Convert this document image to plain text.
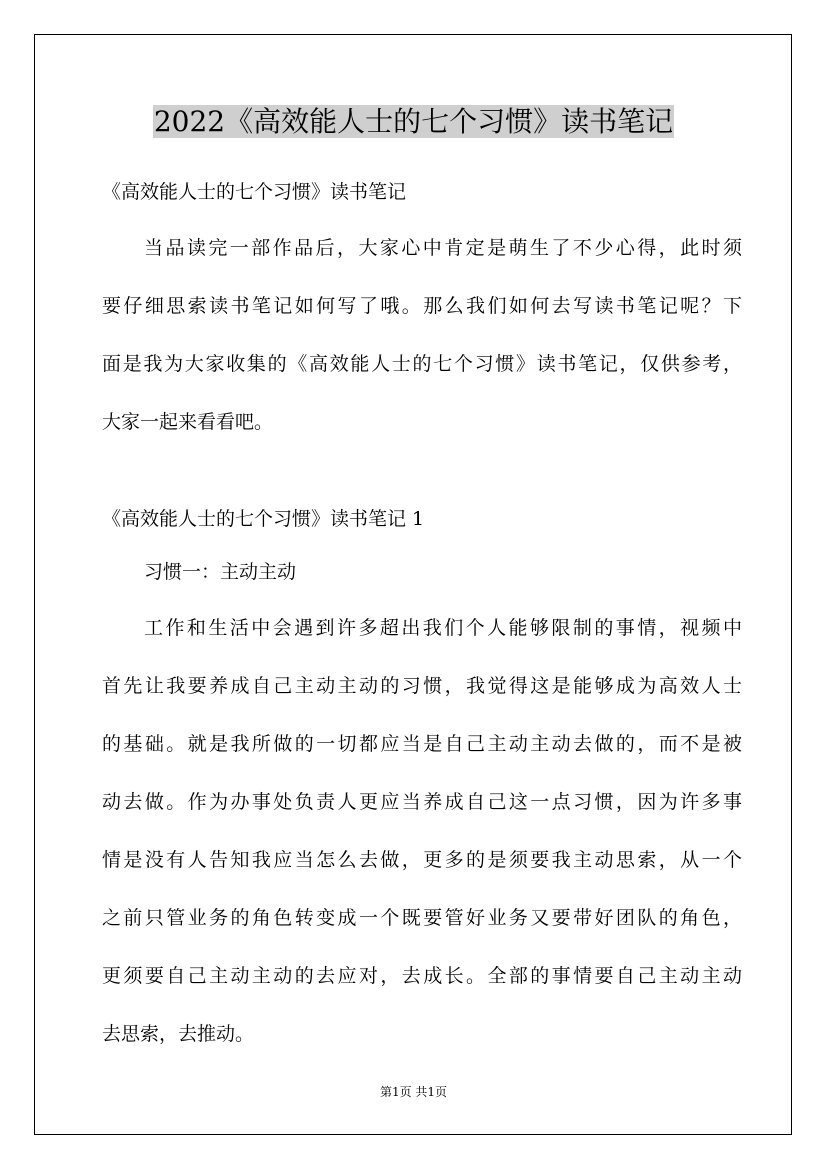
2022《高效能人士的七个习惯》读书笔记
《高效能人士的七个习惯》读书笔记
当品读完一部作品后，大家心中肯定是萌生了不少心得，此时须
要仔细思索读书笔记如何写了哦。那么我们如何去写读书笔记呢？下
面是我为大家收集的《高效能人士的七个习惯》读书笔记，仅供参考，
大家一起来看看吧。
《高效能人士的七个习惯》读书笔记 1
习惯一：主动主动
工作和生活中会遇到许多超出我们个人能够限制的事情，视频中
首先让我要养成自己主动主动的习惯，我觉得这是能够成为高效人士
的基础。就是我所做的一切都应当是自己主动主动去做的，而不是被
动去做。作为办事处负责人更应当养成自己这一点习惯，因为许多事
情是没有人告知我应当怎么去做，更多的是须要我主动思索，从一个
之前只管业务的角色转变成一个既要管好业务又要带好团队的角色，
更须要自己主动主动的去应对，去成长。全部的事情要自己主动主动
去思索，去推动。
第1页 共1页
